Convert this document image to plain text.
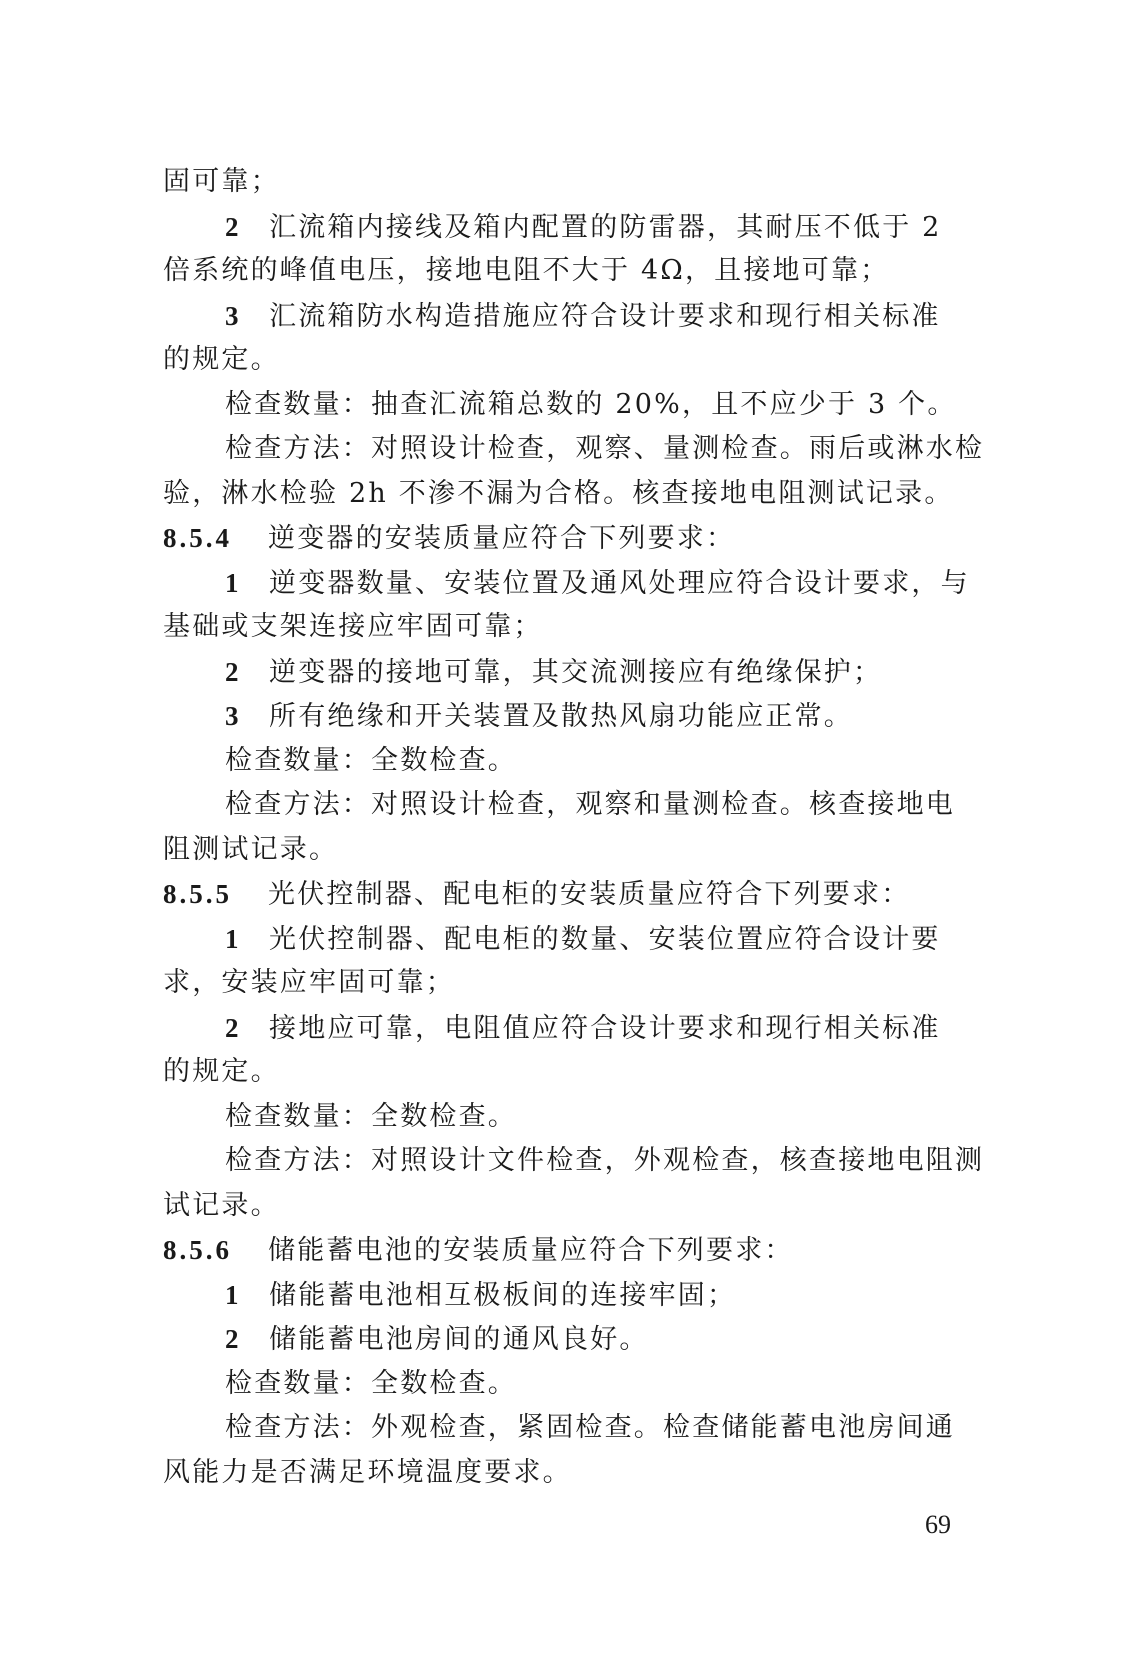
固可靠；
2 汇流箱内接线及箱内配置的防雷器，其耐压不低于 2
倍系统的峰值电压，接地电阻不大于 4Ω，且接地可靠；
3 汇流箱防水构造措施应符合设计要求和现行相关标准
的规定。
检查数量：抽查汇流箱总数的 20%，且不应少于 3 个。
检查方法：对照设计检查，观察、量测检查。雨后或淋水检
验，淋水检验 2h 不渗不漏为合格。核查接地电阻测试记录。
8.5.4 逆变器的安装质量应符合下列要求：
1 逆变器数量、安装位置及通风处理应符合设计要求，与
基础或支架连接应牢固可靠；
2 逆变器的接地可靠，其交流测接应有绝缘保护；
3 所有绝缘和开关装置及散热风扇功能应正常。
检查数量：全数检查。
检查方法：对照设计检查，观察和量测检查。核查接地电
阻测试记录。
8.5.5 光伏控制器、配电柜的安装质量应符合下列要求：
1 光伏控制器、配电柜的数量、安装位置应符合设计要
求，安装应牢固可靠；
2 接地应可靠，电阻值应符合设计要求和现行相关标准
的规定。
检查数量：全数检查。
检查方法：对照设计文件检查，外观检查，核查接地电阻测
试记录。
8.5.6 储能蓄电池的安装质量应符合下列要求：
1 储能蓄电池相互极板间的连接牢固；
2 储能蓄电池房间的通风良好。
检查数量：全数检查。
检查方法：外观检查，紧固检查。检查储能蓄电池房间通
风能力是否满足环境温度要求。
69
